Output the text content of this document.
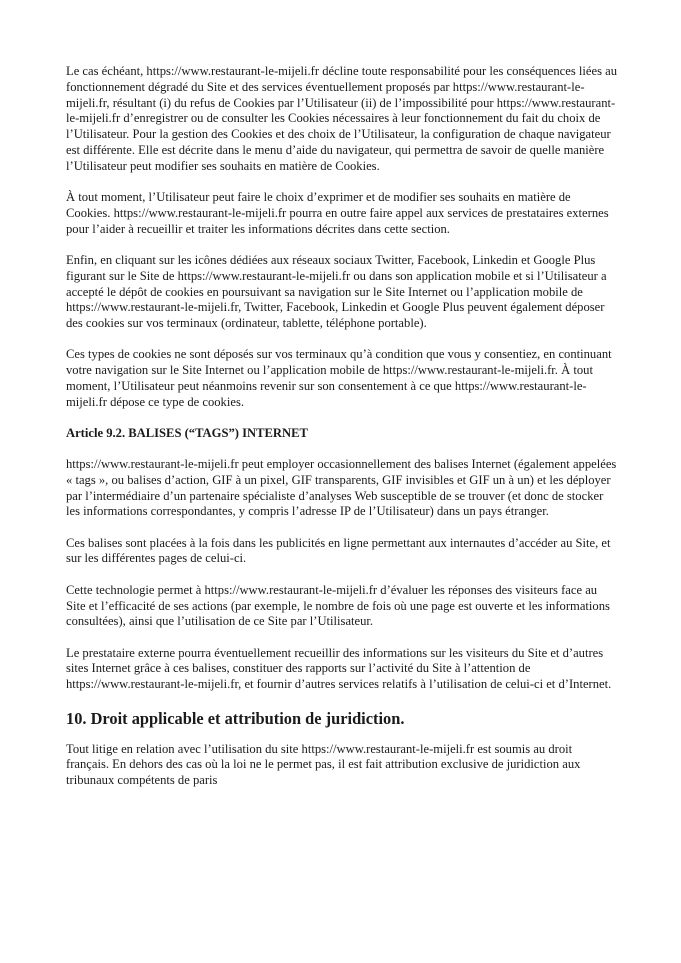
Le cas échéant, https://www.restaurant-le-mijeli.fr décline toute responsabilité pour les conséquences liées au fonctionnement dégradé du Site et des services éventuellement proposés par https://www.restaurant-le-mijeli.fr, résultant (i) du refus de Cookies par l’Utilisateur (ii) de l’impossibilité pour https://www.restaurant-le-mijeli.fr d’enregistrer ou de consulter les Cookies nécessaires à leur fonctionnement du fait du choix de l’Utilisateur. Pour la gestion des Cookies et des choix de l’Utilisateur, la configuration de chaque navigateur est différente. Elle est décrite dans le menu d’aide du navigateur, qui permettra de savoir de quelle manière l’Utilisateur peut modifier ses souhaits en matière de Cookies.

À tout moment, l’Utilisateur peut faire le choix d’exprimer et de modifier ses souhaits en matière de Cookies. https://www.restaurant-le-mijeli.fr pourra en outre faire appel aux services de prestataires externes pour l’aider à recueillir et traiter les informations décrites dans cette section.

Enfin, en cliquant sur les icônes dédiées aux réseaux sociaux Twitter, Facebook, Linkedin et Google Plus figurant sur le Site de https://www.restaurant-le-mijeli.fr ou dans son application mobile et si l’Utilisateur a accepté le dépôt de cookies en poursuivant sa navigation sur le Site Internet ou l’application mobile de https://www.restaurant-le-mijeli.fr, Twitter, Facebook, Linkedin et Google Plus peuvent également déposer des cookies sur vos terminaux (ordinateur, tablette, téléphone portable).

Ces types de cookies ne sont déposés sur vos terminaux qu’à condition que vous y consentiez, en continuant votre navigation sur le Site Internet ou l’application mobile de https://www.restaurant-le-mijeli.fr. À tout moment, l’Utilisateur peut néanmoins revenir sur son consentement à ce que https://www.restaurant-le-mijeli.fr dépose ce type de cookies.

Article 9.2. BALISES (“TAGS”) INTERNET

https://www.restaurant-le-mijeli.fr peut employer occasionnellement des balises Internet (également appelées « tags », ou balises d’action, GIF à un pixel, GIF transparents, GIF invisibles et GIF un à un) et les déployer par l’intermédiaire d’un partenaire spécialiste d’analyses Web susceptible de se trouver (et donc de stocker les informations correspondantes, y compris l’adresse IP de l’Utilisateur) dans un pays étranger.

Ces balises sont placées à la fois dans les publicités en ligne permettant aux internautes d’accéder au Site, et sur les différentes pages de celui-ci.

Cette technologie permet à https://www.restaurant-le-mijeli.fr d’évaluer les réponses des visiteurs face au Site et l’efficacité de ses actions (par exemple, le nombre de fois où une page est ouverte et les informations consultées), ainsi que l’utilisation de ce Site par l’Utilisateur.

Le prestataire externe pourra éventuellement recueillir des informations sur les visiteurs du Site et d’autres sites Internet grâce à ces balises, constituer des rapports sur l’activité du Site à l’attention de https://www.restaurant-le-mijeli.fr, et fournir d’autres services relatifs à l’utilisation de celui-ci et d’Internet.

10. Droit applicable et attribution de juridiction.

Tout litige en relation avec l’utilisation du site https://www.restaurant-le-mijeli.fr est soumis au droit français. En dehors des cas où la loi ne le permet pas, il est fait attribution exclusive de juridiction aux tribunaux compétents de paris
